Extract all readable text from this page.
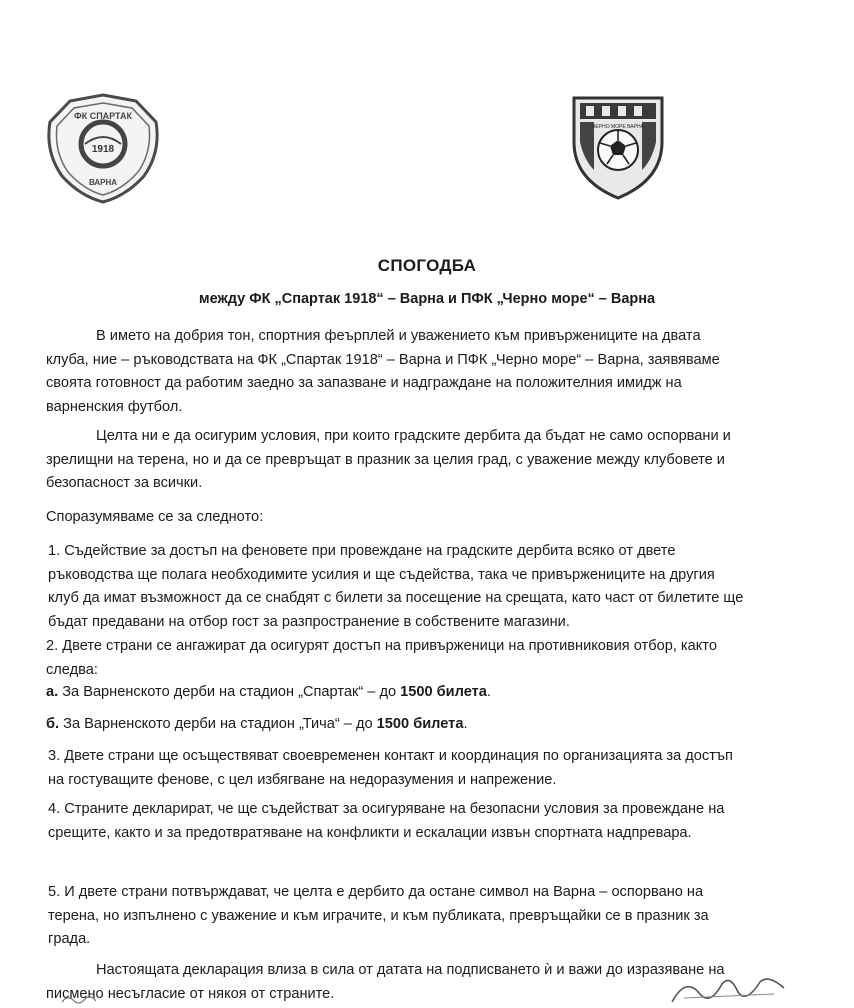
1918
ФК СПАРТАК
ВАРНА
ЧЕРНО МОРЕ ВАРНА
СПОГОДБА
между ФК „Спартак 1918“ – Варна и ПФК „Черно море“ – Варна

В името на добрия тон, спортния феърплей и уважението към привържениците на двата клуба, ние – ръководствата на ФК „Спартак 1918“ – Варна и ПФК „Черно море“ – Варна, заявяваме своята готовност да работим заедно за запазване и надграждане на положителния имидж на варненския футбол.

Целта ни е да осигурим условия, при които градските дербита да бъдат не само оспорвани и зрелищни на терена, но и да се превръщат в празник за целия град, с уважение между клубовете и безопасност за всички.

Споразумяваме се за следното:

1. Съдействие за достъп на феновете при провеждане на градските дербита всяко от двете ръководства ще полага необходимите усилия и ще съдейства, така че привържениците на другия клуб да имат възможност да се снабдят с билети за посещение на срещата, като част от билетите ще бъдат предавани на отбор гост за разпространение в собствените магазини.

2. Двете страни се ангажират да осигурят достъп на привърженици на противниковия отбор, както следва:

а. За Варненското дерби на стадион „Спартак“ – до 1500 билета.

б. За Варненското дерби на стадион „Тича“ – до 1500 билета.

3. Двете страни ще осъществяват своевременен контакт и координация по организацията за достъп на гостуващите фенове, с цел избягване на недоразумения и напрежение.

4. Страните декларират, че ще съдействат за осигуряване на безопасни условия за провеждане на срещите, както и за предотвратяване на конфликти и ескалации извън спортната надпревара.

5. И двете страни потвърждават, че целта е дербито да остане символ на Варна – оспорвано на терена, но изпълнено с уважение и към играчите, и към публиката, превръщайки се в празник за града.

Настоящата декларация влиза в сила от датата на подписването ѝ и важи до изразяване на писмено несъгласие от някоя от страните.
